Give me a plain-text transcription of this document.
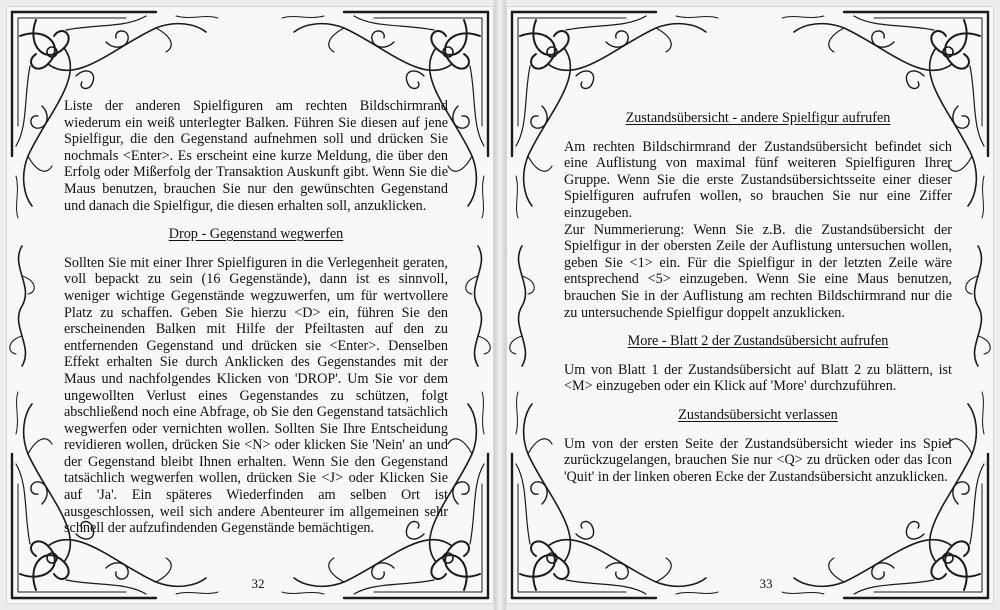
Liste der anderen Spielfiguren am rechten Bildschirmrand wiederum ein weiß unterlegter Balken. Führen Sie diesen auf jene Spielfigur, die den Gegenstand aufnehmen soll und drücken Sie nochmals <Enter>. Es erscheint eine kurze Meldung, die über den Erfolg oder Mißerfolg der Transaktion Auskunft gibt. Wenn Sie die Maus benutzen, brauchen Sie nur den gewünschten Gegenstand und danach die Spielfigur, die diesen erhalten soll, anzuklicken.

Drop - Gegenstand wegwerfen

Sollten Sie mit einer Ihrer Spielfiguren in die Verlegenheit geraten, voll bepackt zu sein (16 Gegenstände), dann ist es sinnvoll, weniger wichtige Gegenstände wegzuwerfen, um für wertvollere Platz zu schaffen. Geben Sie hierzu <D> ein, führen Sie den erscheinenden Balken mit Hilfe der Pfeiltasten auf den zu entfernenden Gegenstand und drücken sie <Enter>. Denselben Effekt erhalten Sie durch Anklicken des Gegenstandes mit der Maus und nachfolgendes Klicken von 'DROP'. Um Sie vor dem ungewollten Verlust eines Gegenstandes zu schützen, folgt abschließend noch eine Abfrage, ob Sie den Gegenstand tatsächlich wegwerfen oder vernichten wollen. Sollten Sie Ihre Entscheidung revidieren wollen, drücken Sie <N> oder klicken Sie 'Nein' an und der Gegenstand bleibt Ihnen erhalten. Wenn Sie den Gegenstand tatsächlich wegwerfen wollen, drücken Sie <J> oder Klicken Sie auf 'Ja'. Ein späteres Wiederfinden am selben Ort ist ausgeschlossen, weil sich andere Abenteurer im allgemeinen sehr schnell der aufzufindenden Gegenstände bemächtigen.

32
Zustandsübersicht - andere Spielfigur aufrufen

Am rechten Bildschirmrand der Zustandsübersicht befindet sich eine Auflistung von maximal fünf weiteren Spielfiguren Ihrer Gruppe. Wenn Sie die erste Zustandsübersichtsseite einer dieser Spielfiguren aufrufen wollen, so brauchen Sie nur eine Ziffer einzugeben.

Zur Nummerierung: Wenn Sie z.B. die Zustandsübersicht der Spielfigur in der obersten Zeile der Auflistung untersuchen wollen, geben Sie <1> ein. Für die Spielfigur in der letzten Zeile wäre entsprechend <5> einzugeben. Wenn Sie eine Maus benutzen, brauchen Sie in der Auflistung am rechten Bildschirmrand nur die zu untersuchende Spielfigur doppelt anzuklicken.

More - Blatt 2 der Zustandsübersicht aufrufen

Um von Blatt 1 der Zustandsübersicht auf Blatt 2 zu blättern, ist <M> einzugeben oder ein Klick auf 'More' durchzuführen.

Zustandsübersicht verlassen

Um von der ersten Seite der Zustandsübersicht wieder ins Spiel zurückzugelangen, brauchen Sie nur <Q> zu drücken oder das Icon 'Quit' in der linken oberen Ecke der Zustandsübersicht anzuklicken.

33
